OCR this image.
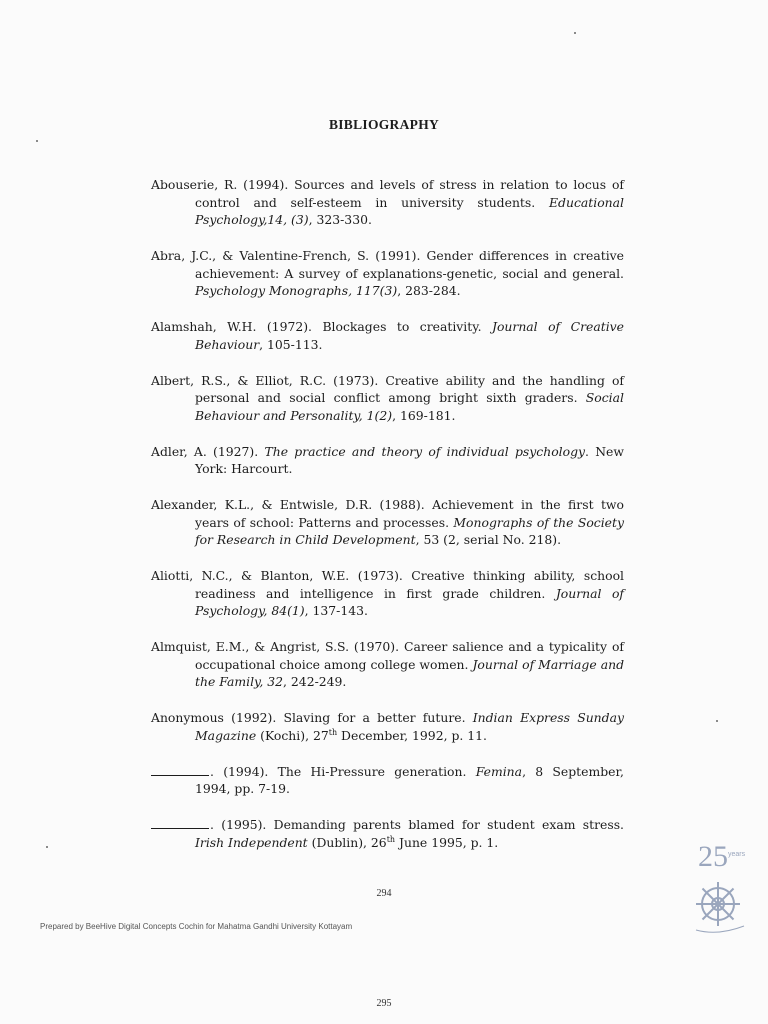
BIBLIOGRAPHY
Abouserie, R. (1994). Sources and levels of stress in relation to locus of control and self-esteem in university students. Educational Psychology,14, (3), 323-330.
Abra, J.C., & Valentine-French, S. (1991). Gender differences in creative achievement: A survey of explanations-genetic, social and general. Psychology Monographs, 117(3), 283-284.
Alamshah, W.H. (1972). Blockages to creativity. Journal of Creative Behaviour, 105-113.
Albert, R.S., & Elliot, R.C. (1973). Creative ability and the handling of personal and social conflict among bright sixth graders. Social Behaviour and Personality, 1(2), 169-181.
Adler, A. (1927). The practice and theory of individual psychology. New York: Harcourt.
Alexander, K.L., & Entwisle, D.R. (1988). Achievement in the first two years of school: Patterns and processes. Monographs of the Society for Research in Child Development, 53 (2, serial No. 218).
Aliotti, N.C., & Blanton, W.E. (1973). Creative thinking ability, school readiness and intelligence in first grade children. Journal of Psychology, 84(1), 137-143.
Almquist, E.M., & Angrist, S.S. (1970). Career salience and a typicality of occupational choice among college women. Journal of Marriage and the Family, 32, 242-249.
Anonymous (1992). Slaving for a better future. Indian Express Sunday Magazine (Kochi), 27th December, 1992, p. 11.
. (1994). The Hi-Pressure generation. Femina, 8 September, 1994, pp. 7-19.
. (1995). Demanding parents blamed for student exam stress. Irish Independent (Dublin), 26th June 1995, p. 1.
294
Prepared by BeeHive Digital Concepts Cochin for Mahatma Gandhi University Kottayam
295
25 years
